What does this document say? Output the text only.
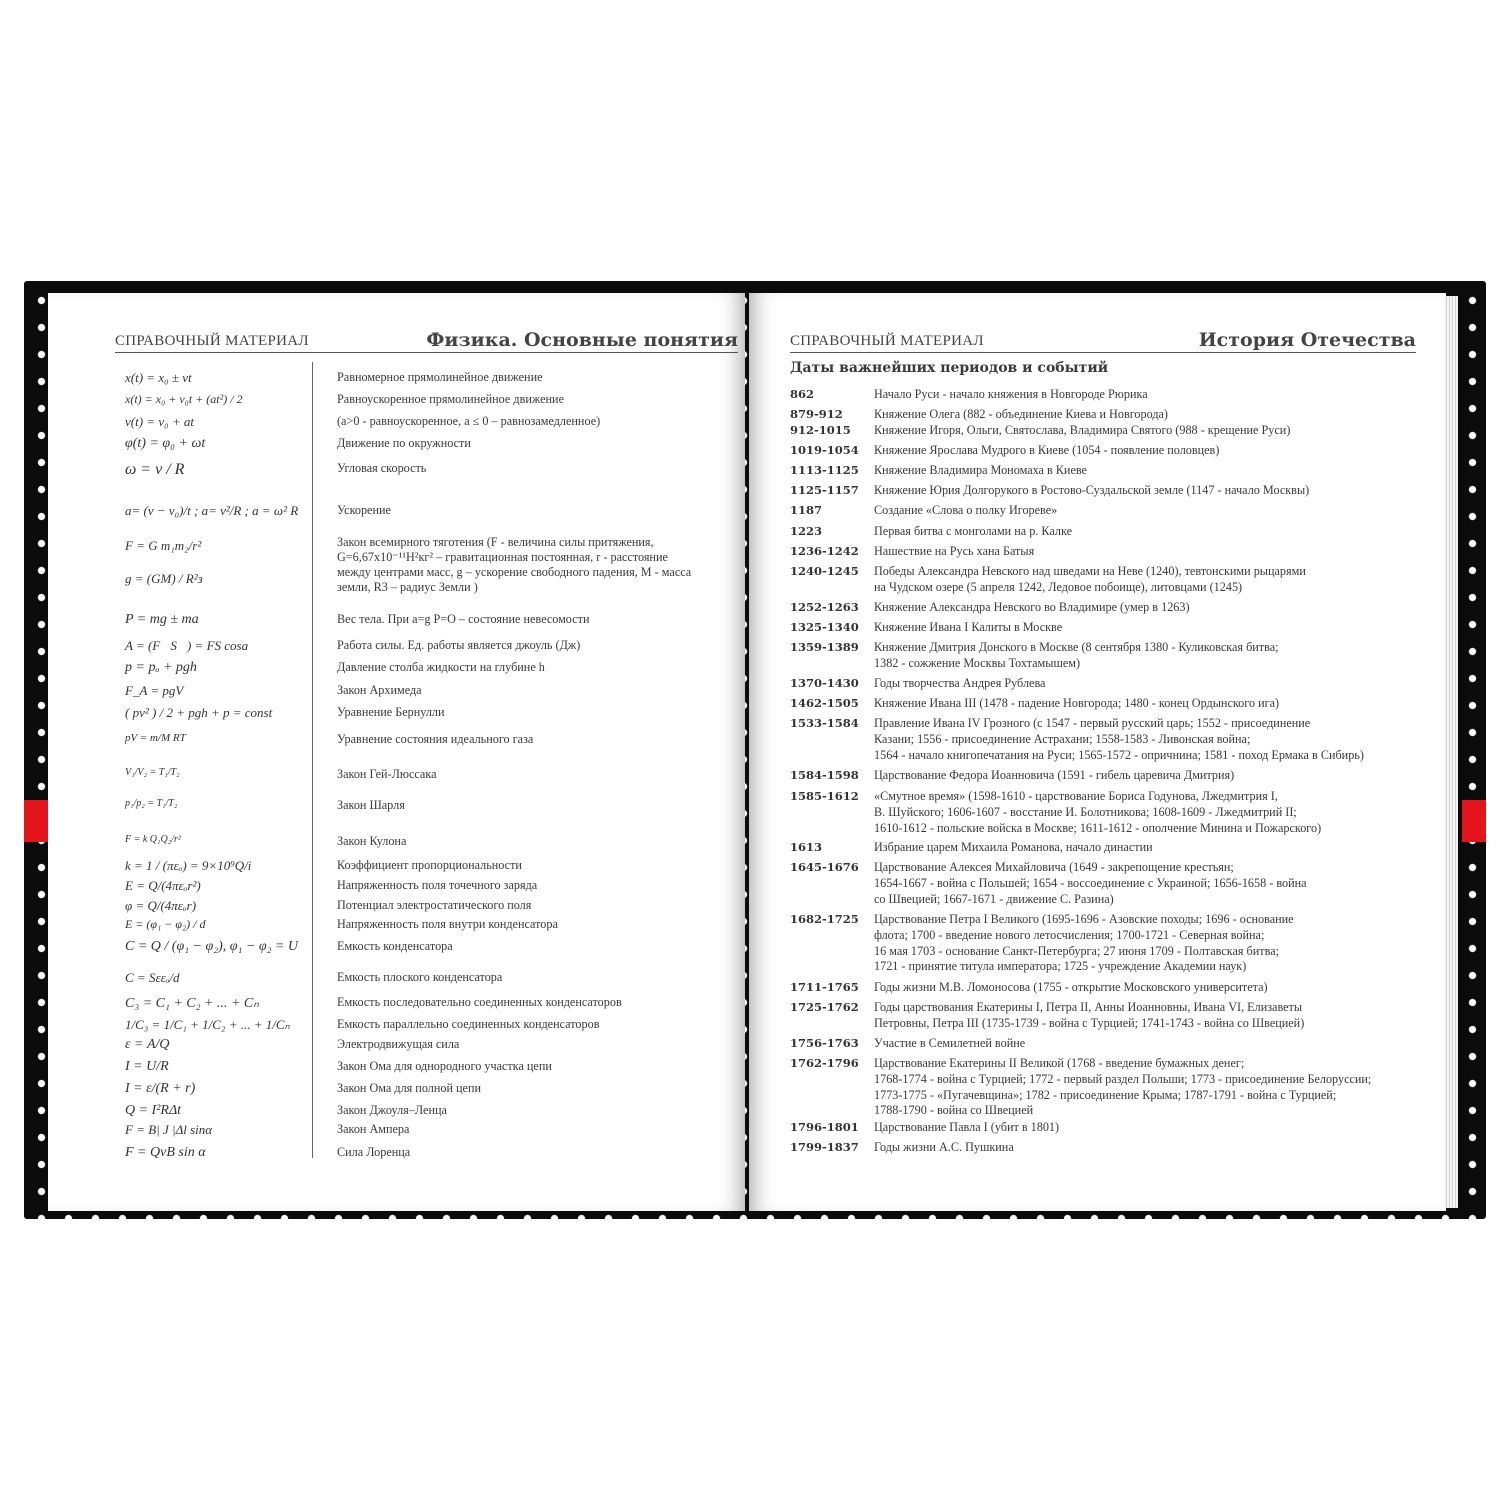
СПРАВОЧНЫЙ МАТЕРИАЛ	Физика. Основные понятия	СПРАВОЧНЫЙ МАТЕРИАЛ	История Отечества
x(t) = x₀ ± vt	Равномерное прямолинейное движение
x(t) = x₀ + v₀t + (at²) / 2	Равноускоренное прямолинейное движение
v(t) = v₀ + at	(a>0 - равноускоренное, a ≤ 0 – равнозамедленное)
φ(t) = φ₀ + ωt	Движение по окружности
ω = v / R	Угловая скорость
a= (v − v₀)/t ; a= v²/R ; a = ω² R	Ускорение
F = G m₁m₂/r²	Закон всемирного тяготения (F - величина силы притяжения,
G=6,67x10⁻¹¹Н²кг² – гравитационная постоянная, r - расстояние
между центрами масс, g – ускорение свободного падения, М - масса
земли, R3 – радиус Земли )
g = (GM) / R²з
P = mg ± ma	Вес тела. При a=g P=O – состояние невесомости
A = (F⃗S⃗) = FS cosa	Работа силы. Ед. работы является джоуль (Дж)
p = pₒ + pgh	Давление столба жидкости на глубине h
F_A = pgV	Закон Архимеда
( pv² ) / 2 + pgh + p = const	Уравнение Бернулли
pV = m/M RT	Уравнение состояния идеального газа
V₁/V₂ = T₁/T₂	Закон Гей-Люссака
p₁/p₂ = T₁/T₂	Закон Шарля
F = k Q₁Q₂/r²	Закон Кулона
k = 1 / (πεₒ) = 9×10⁹Q/i	Коэффициент пропорциональности
E = Q/(4πεₒr²)	Напряженность поля точечного заряда
φ = Q/(4πεₒr)	Потенциал электростатического поля
E = (φ₁ − φ₂) / d	Напряженность поля внутри конденсатора
C = Q / (φ₁ − φ₂), φ₁ − φ₂ = U	Емкость конденсатора
C = Sεεₒ/d	Емкость плоского конденсатора
C₃ = C₁ + C₂ + ... + Cₙ	Емкость последовательно соединенных конденсаторов
1/C₃ = 1/C₁ + 1/C₂ + ... + 1/Cₙ	Емкость параллельно соединенных конденсаторов
ε = A/Q	Электродвижущая сила
I = U/R	Закон Ома для однородного участка цепи
I = ε/(R + r)	Закон Ома для полной цепи
Q = I²RΔt	Закон Джоуля–Ленца
F = B| J |Δl sinα	Закон Ампера
F = QvB sin α	Сила Лоренца
Даты важнейших периодов и событий
862	Начало Руси - начало княжения в Новгороде Рюрика
879-912	Княжение Олега (882 - объединение Киева и Новгорода)
912-1015 Княжение Игоря, Ольги, Святослава, Владимира Святого (988 - крещение Руси)
1019-1054 Княжение Ярослава Мудрого в Киеве (1054 - появление половцев)
1113-1125 Княжение Владимира Мономаха в Киеве
1125-1157 Княжение Юрия Долгорукого в Ростово-Суздальской земле (1147 - начало Москвы)
1187	Создание «Слова о полку Игореве»
1223	Первая битва с монголами на р. Калке
1236-1242 Нашествие на Русь хана Батыя
1240-1245 Победы Александра Невского над шведами на Неве (1240), тевтонскими рыцарями
на Чудском озере (5 апреля 1242, Ледовое побоище), литовцами (1245)
1252-1263 Княжение Александра Невского во Владимире (умер в 1263)
1325-1340 Княжение Ивана I Калиты в Москве
1359-1389 Княжение Дмитрия Донского в Москве (8 сентября 1380 - Куликовская битва;
1382 - сожжение Москвы Тохтамышем)
1370-1430 Годы творчества Андрея Рублева
1462-1505 Княжение Ивана III (1478 - падение Новгорода; 1480 - конец Ордынского ига)
1533-1584 Правление Ивана IV Грозного (с 1547 - первый русский царь; 1552 - присоединение
Казани; 1556 - присоединение Астрахани; 1558-1583 - Ливонская война;
1564 - начало книгопечатания на Руси; 1565-1572 - опричнина; 1581 - поход Ермака в Сибирь)
1584-1598 Царствование Федора Иоанновича (1591 - гибель царевича Дмитрия)
1585-1612 «Смутное время» (1598-1610 - царствование Бориса Годунова, Лжедмитрия I,
В. Шуйского; 1606-1607 - восстание И. Болотникова; 1608-1609 - Лжедмитрий II;
1610-1612 - польские войска в Москве; 1611-1612 - ополчение Минина и Пожарского)
1613	Избрание царем Михаила Романова, начало династии
1645-1676 Царствование Алексея Михайловича (1649 - закрепощение крестьян;
1654-1667 - война с Польшей; 1654 - воссоединение с Украиной; 1656-1658 - война
со Швецией; 1667-1671 - движение С. Разина)
1682-1725 Царствование Петра I Великого (1695-1696 - Азовские походы; 1696 - основание
флота; 1700 - введение нового летосчисления; 1700-1721 - Северная война;
16 мая 1703 - основание Санкт-Петербурга; 27 июня 1709 - Полтавская битва;
1721 - принятие титула императора; 1725 - учреждение Академии наук)
1711-1765 Годы жизни М.В. Ломоносова (1755 - открытие Московского университета)
1725-1762 Годы царствования Екатерины I, Петра II, Анны Иоанновны, Ивана VI, Елизаветы
Петровны, Петра III (1735-1739 - война с Турцией; 1741-1743 - война со Швецией)
1756-1763 Участие в Семилетней войне
1762-1796 Царствование Екатерины II Великой (1768 - введение бумажных денег;
1768-1774 - война с Турцией; 1772 - первый раздел Польши; 1773 - присоединение Белоруссии;
1773-1775 - «Пугачевщина»; 1782 - присоединение Крыма; 1787-1791 - война с Турцией;
1788-1790 - война со Швецией
1796-1801 Царствование Павла I (убит в 1801)
1799-1837 Годы жизни А.С. Пушкина
